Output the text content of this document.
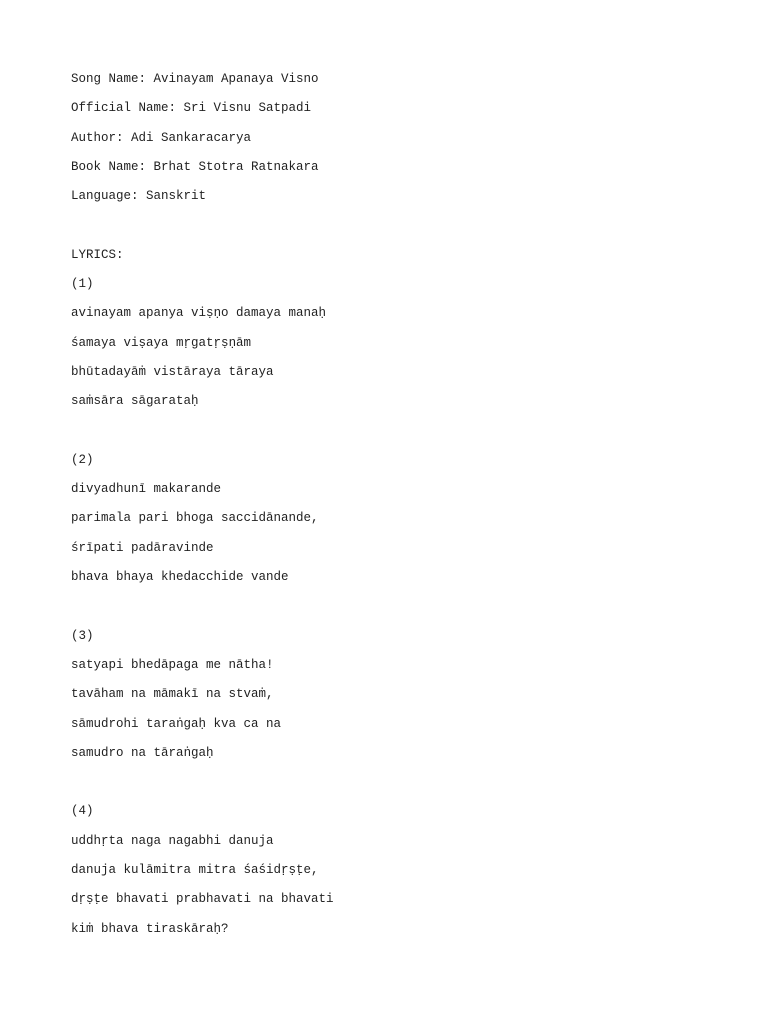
Song Name: Avinayam Apanaya Visno
Official Name: Sri Visnu Satpadi
Author: Adi Sankaracarya
Book Name: Brhat Stotra Ratnakara
Language: Sanskrit
LYRICS:
(1)
avinayam apanya viṣṇo damaya manaḥ
śamaya viṣaya mṛgatṛṣṇām
bhūtadayāṁ vistāraya tāraya
saṁsāra sāgarataḥ
(2)
divyadhunī makarande
parimala pari bhoga saccidānande,
śrīpati padāravinde
bhava bhaya khedacchide vande
(3)
satyapi bhedāpaga me nātha!
tavāham na māmakī na stvaṁ,
sāmudrohi taraṅgaḥ kva ca na
samudro na tāraṅgaḥ
(4)
uddhṛta naga nagabhi danuja
danuja kulāmitra mitra śaśidṛṣṭe,
dṛṣṭe bhavati prabhavati na bhavati
kiṁ bhava tiraskāraḥ?
